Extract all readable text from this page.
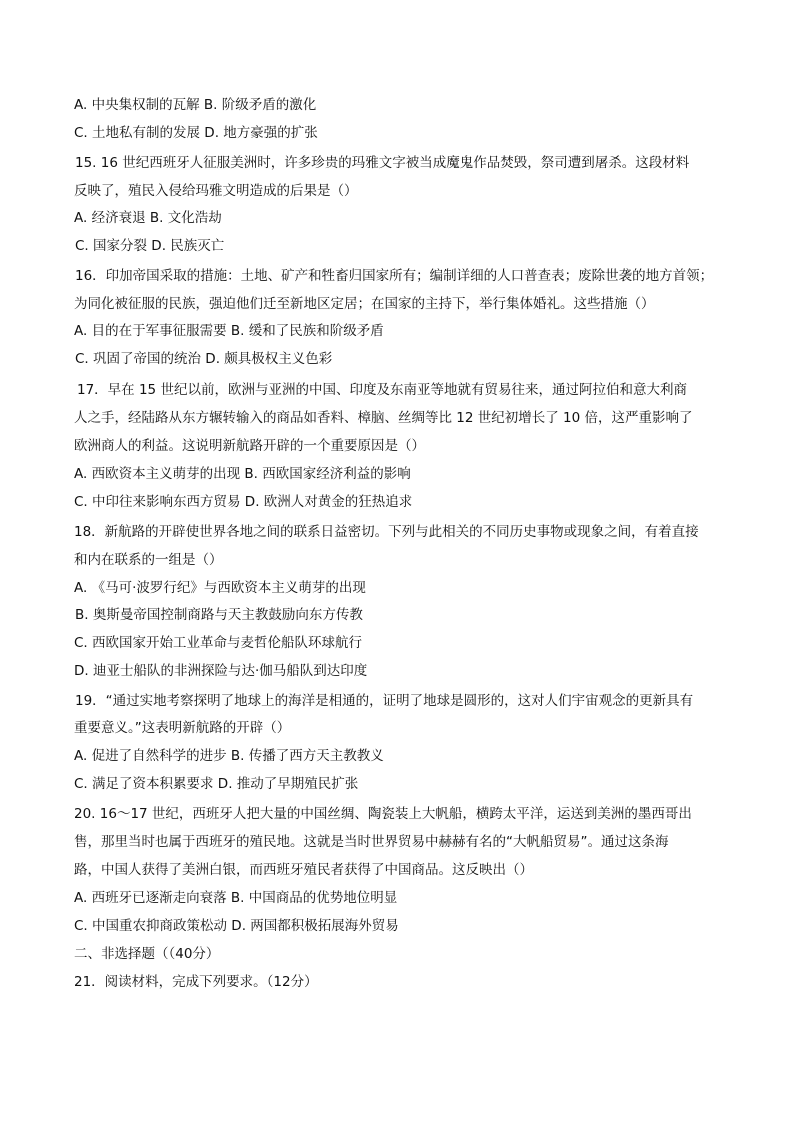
A. 中央集权制的瓦解 B. 阶级矛盾的激化
C. 土地私有制的发展 D. 地方豪强的扩张
15. 16 世纪西班牙人征服美洲时，许多珍贵的玛雅文字被当成魔鬼作品焚毁，祭司遭到屠杀。这段材料
反映了，殖民入侵给玛雅文明造成的后果是（）
A. 经济衰退 B. 文化浩劫
C. 国家分裂 D. 民族灭亡
16．印加帝国采取的措施：土地、矿产和牲畜归国家所有；编制详细的人口普查表；废除世袭的地方首领；
为同化被征服的民族，强迫他们迁至新地区定居；在国家的主持下，举行集体婚礼。这些措施（）
A. 目的在于军事征服需要 B. 缓和了民族和阶级矛盾
C. 巩固了帝国的统治 D. 颇具极权主义色彩
17．早在 15 世纪以前，欧洲与亚洲的中国、印度及东南亚等地就有贸易往来，通过阿拉伯和意大利商
人之手，经陆路从东方辗转输入的商品如香料、樟脑、丝绸等比 12 世纪初增长了 10 倍，这严重影响了
欧洲商人的利益。这说明新航路开辟的一个重要原因是（）
A. 西欧资本主义萌芽的出现 B. 西欧国家经济利益的影响
C. 中印往来影响东西方贸易 D. 欧洲人对黄金的狂热追求
18．新航路的开辟使世界各地之间的联系日益密切。下列与此相关的不同历史事物或现象之间，有着直接
和内在联系的一组是（）
A. 《马可·波罗行纪》与西欧资本主义萌芽的出现
B. 奥斯曼帝国控制商路与天主教鼓励向东方传教
C. 西欧国家开始工业革命与麦哲伦船队环球航行
D. 迪亚士船队的非洲探险与达·伽马船队到达印度
19．“通过实地考察探明了地球上的海洋是相通的，证明了地球是圆形的，这对人们宇宙观念的更新具有
重要意义。”这表明新航路的开辟（）
A. 促进了自然科学的进步 B. 传播了西方天主教教义
C. 满足了资本积累要求 D. 推动了早期殖民扩张
20. 16～17 世纪，西班牙人把大量的中国丝绸、陶瓷装上大帆船，横跨太平洋，运送到美洲的墨西哥出
售，那里当时也属于西班牙的殖民地。这就是当时世界贸易中赫赫有名的“大帆船贸易”。通过这条海
路，中国人获得了美洲白银，而西班牙殖民者获得了中国商品。这反映出（）
A. 西班牙已逐渐走向衰落 B. 中国商品的优势地位明显
C. 中国重农抑商政策松动 D. 两国都积极拓展海外贸易
二、非选择题（（40分）
21．阅读材料，完成下列要求。（12分）
